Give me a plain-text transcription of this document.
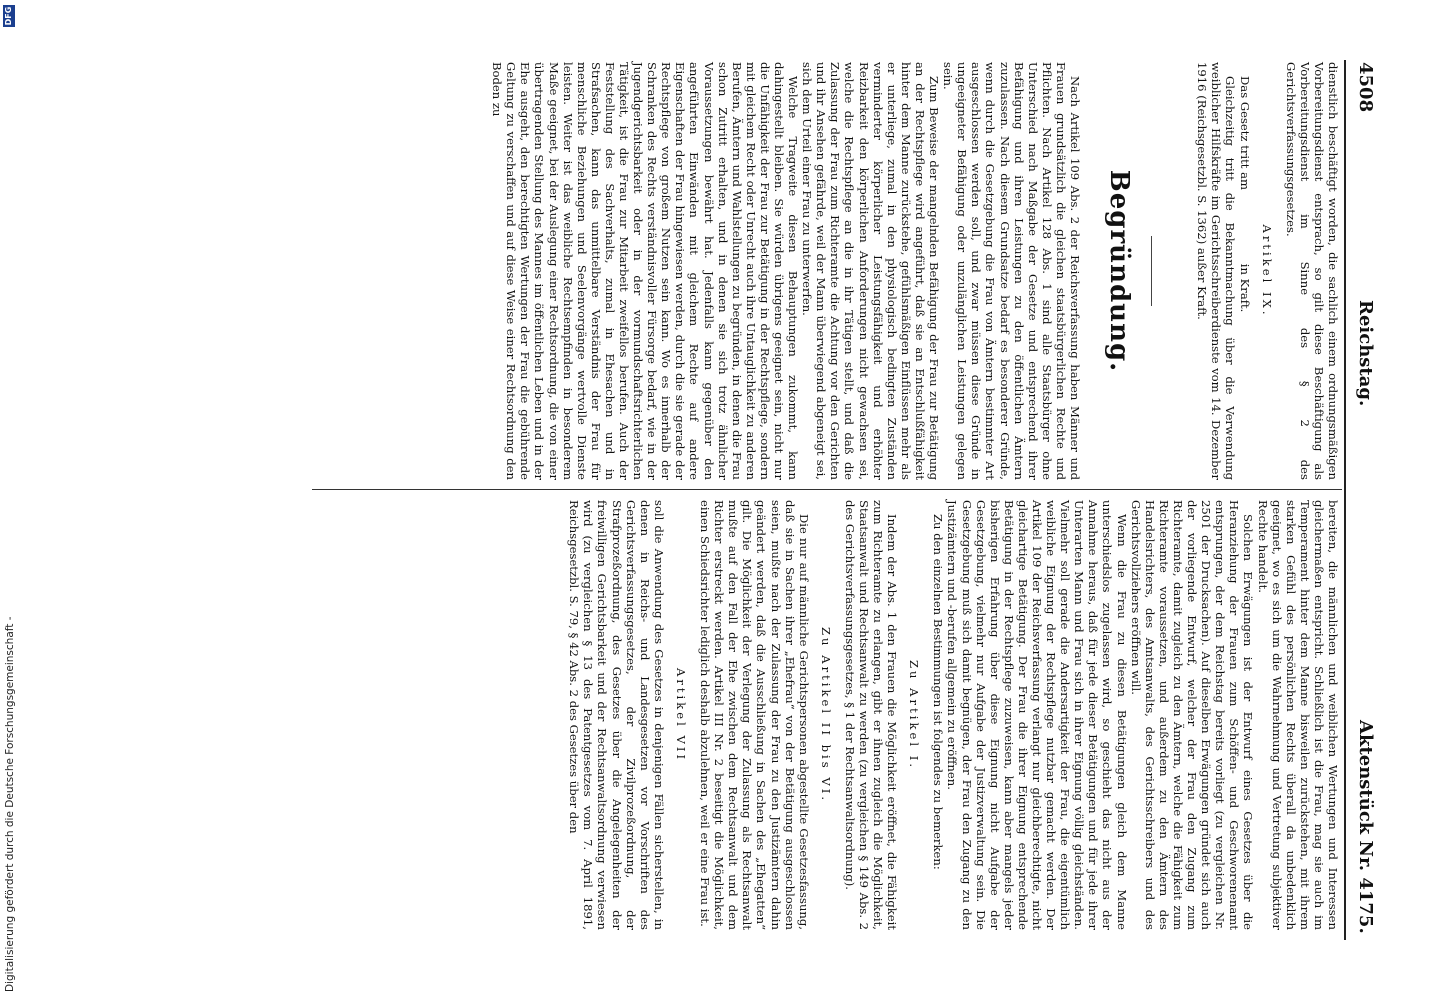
4508
Reichstag.
Aktenstück Nr. 4175.

dienstlich beschäftigt worden, die sachlich einem ordnungsmäßigen Vorbereitungsdienst entsprach, so gilt diese Beschäftigung als Vorbereitungsdienst im Sinne des § 2 des Gerichtsverfassungsgesetzes.

Artikel IX.

Das Gesetz tritt am                    in Kraft.

Gleichzeitig tritt die Bekanntmachung über die Verwendung weiblicher Hilfskräfte im Gerichtsschreiberdienste vom 14. Dezember 1916 (Reichsgesetzbl. S. 1362) außer Kraft.

Begründung.

Nach Artikel 109 Abs. 2 der Reichsverfassung haben Männer und Frauen grundsätzlich die gleichen staatsbürgerlichen Rechte und Pflichten. Nach Artikel 128 Abs. 1 sind alle Staatsbürger ohne Unterschied nach Maßgabe der Gesetze und entsprechend ihrer Befähigung und ihren Leistungen zu den öffentlichen Ämtern zuzulassen. Nach diesem Grundsatze bedarf es besonderer Gründe, wenn durch die Gesetzgebung die Frau von Ämtern bestimmter Art ausgeschlossen werden soll, und zwar müssen diese Gründe in ungeeigneter Befähigung oder unzulänglichen Leistungen gelegen sein.

Zum Beweise der mangelnden Befähigung der Frau zur Betätigung an der Rechtspflege wird angeführt, daß sie an Entschlußfähigkeit hinter dem Manne zurückstehe, gefühlsmäßigen Einflüssen mehr als er unterliege, zumal in den physiologisch bedingten Zuständen verminderter körperlicher Leistungsfähigkeit und erhöhter Reizbarkeit den körperlichen Anforderungen nicht gewachsen sei, welche die Rechtspflege an die in ihr Tätigen stellt, und daß die Zulassung der Frau zum Richteramte die Achtung vor den Gerichten und ihr Ansehen gefährde, weil der Mann überwiegend abgeneigt sei, sich dem Urteil einer Frau zu unterwerfen.

Welche Tragweite diesen Behauptungen zukommt, kann dahingestellt bleiben. Sie würden übrigens geeignet sein, nicht nur die Unfähigkeit der Frau zur Betätigung in der Rechtspflege, sondern mit gleichem Recht oder Unrecht auch ihre Untauglichkeit zu anderen Berufen, Ämtern und Wahlstellungen zu begründen, in denen die Frau schon Zutritt erhalten, und in denen sie sich trotz ähnlicher Voraussetzungen bewährt hat. Jedenfalls kann gegenüber den angeführten Einwänden mit gleichem Rechte auf andere Eigenschaften der Frau hingewiesen werden, durch die sie gerade der Rechtspflege von großem Nutzen sein kann. Wo es innerhalb der Schranken des Rechts verständnisvoller Fürsorge bedarf, wie in der Jugendgerichtsbarkeit oder in der vormundschaftsrichterlichen Tätigkeit, ist die Frau zur Mitarbeit zweifellos berufen. Auch der Feststellung des Sachverhalts, zumal in Ehesachen und in Strafsachen, kann das unmittelbare Verständnis der Frau für menschliche Beziehungen und Seelenvorgänge wertvolle Dienste leisten. Weiter ist das weibliche Rechtsempfinden in besonderem Maße geeignet, bei der Auslegung einer Rechtsordnung, die von einer übertragenden Stellung des Mannes im öffentlichen Leben und in der Ehe ausgeht, den berechtigten Wertungen der Frau die gebührende Geltung zu verschaffen und auf diese Weise einer Rechtsordnung den Boden zu

bereiten, die männlichen und weiblichen Wertungen und Interessen gleichermaßen entspricht. Schließlich ist die Frau, mag sie auch im Temperament hinter dem Manne bisweilen zurückstehen, mit ihrem starken Gefühl des persönlichen Rechts überall da unbedenklich geeignet, wo es sich um die Wahrnehmung und Vertretung subjektiver Rechte handelt.

Solchen Erwägungen ist der Entwurf eines Gesetzes über die Heranziehung der Frauen zum Schöffen- und Geschworenenamt entsprungen, der dem Reichstag bereits vorliegt (zu vergleichen Nr. 2501 der Drucksachen). Auf dieselben Erwägungen gründet sich auch der vorliegende Entwurf, welcher der Frau den Zugang zum Richteramte, damit zugleich zu den Ämtern, welche die Fähigkeit zum Richteramte voraussetzen, und außerdem zu den Ämtern des Handelsrichters, des Amtsanwalts, des Gerichtsschreibers und des Gerichtsvollziehers eröffnen will.

Wenn die Frau zu diesen Betätigungen gleich dem Manne unterschiedslos zugelassen wird, so geschieht das nicht aus der Annahme heraus, daß für jede dieser Betätigungen und für jede ihrer Unterarten Mann und Frau sich in ihrer Eignung völlig gleichständen. Vielmehr soll gerade die Andersartigkeit der Frau, die eigentümlich weibliche Eignung der Rechtspflege nutzbar gemacht werden. Der Artikel 109 der Reichsverfassung verlangt nur gleichberechtigte, nicht gleichartige Betätigung. Der Frau die ihrer Eignung entsprechende Betätigung in der Rechtspflege zuzuweisen, kann aber mangels jeder bisherigen Erfahrung über diese Eignung nicht Aufgabe der Gesetzgebung, vielmehr nur Aufgabe der Justizverwaltung sein. Die Gesetzgebung muß sich damit begnügen, der Frau den Zugang zu den Justizämtern und -berufen allgemein zu eröffnen.

Zu den einzelnen Bestimmungen ist folgendes zu bemerken:

Zu Artikel I.

Indem der Abs. 1 den Frauen die Möglichkeit eröffnet, die Fähigkeit zum Richteramte zu erlangen, gibt er ihnen zugleich die Möglichkeit, Staatsanwalt und Rechtsanwalt zu werden (zu vergleichen § 149 Abs. 2 des Gerichtsverfassungsgesetzes, § 1 der Rechtsanwaltsordnung).

Zu Artikel II bis VI.

Die nur auf männliche Gerichtspersonen abgestellte Gesetzesfassung, daß sie in Sachen ihrer „Ehefrau“ von der Betätigung ausgeschlossen seien, mußte nach der Zulassung der Frau zu den Justizämtern dahin geändert werden, daß die Ausschließung in Sachen des „Ehegatten“ gilt. Die Möglichkeit der Verlegung der Zulassung als Rechtsanwalt mußte auf den Fall der Ehe zwischen dem Rechtsanwalt und dem Richter erstreckt werden. Artikel III Nr. 2 beseitigt die Möglichkeit, einen Schiedsrichter lediglich deshalb abzulehnen, weil er eine Frau ist.

Artikel VII

soll die Anwendung des Gesetzes in denjenigen Fällen sicherstellen, in denen in Reichs- und Landesgesetzen vor Vorschriften des Gerichtsverfassungsgesetzes, der Zivilprozeßordnung, der Strafprozeßordnung, des Gesetzes über die Angelegenheiten der freiwilligen Gerichtsbarkeit und der Rechtsanwaltsordnung verwiesen wird (zu vergleichen § 13 des Patentgesetzes vom 7. April 1891, Reichsgesetzbl. S. 79, § 42 Abs. 2 des Gesetzes über den

Digitalisierung gefördert durch die Deutsche Forschungsgemeinschaft -
DFG
